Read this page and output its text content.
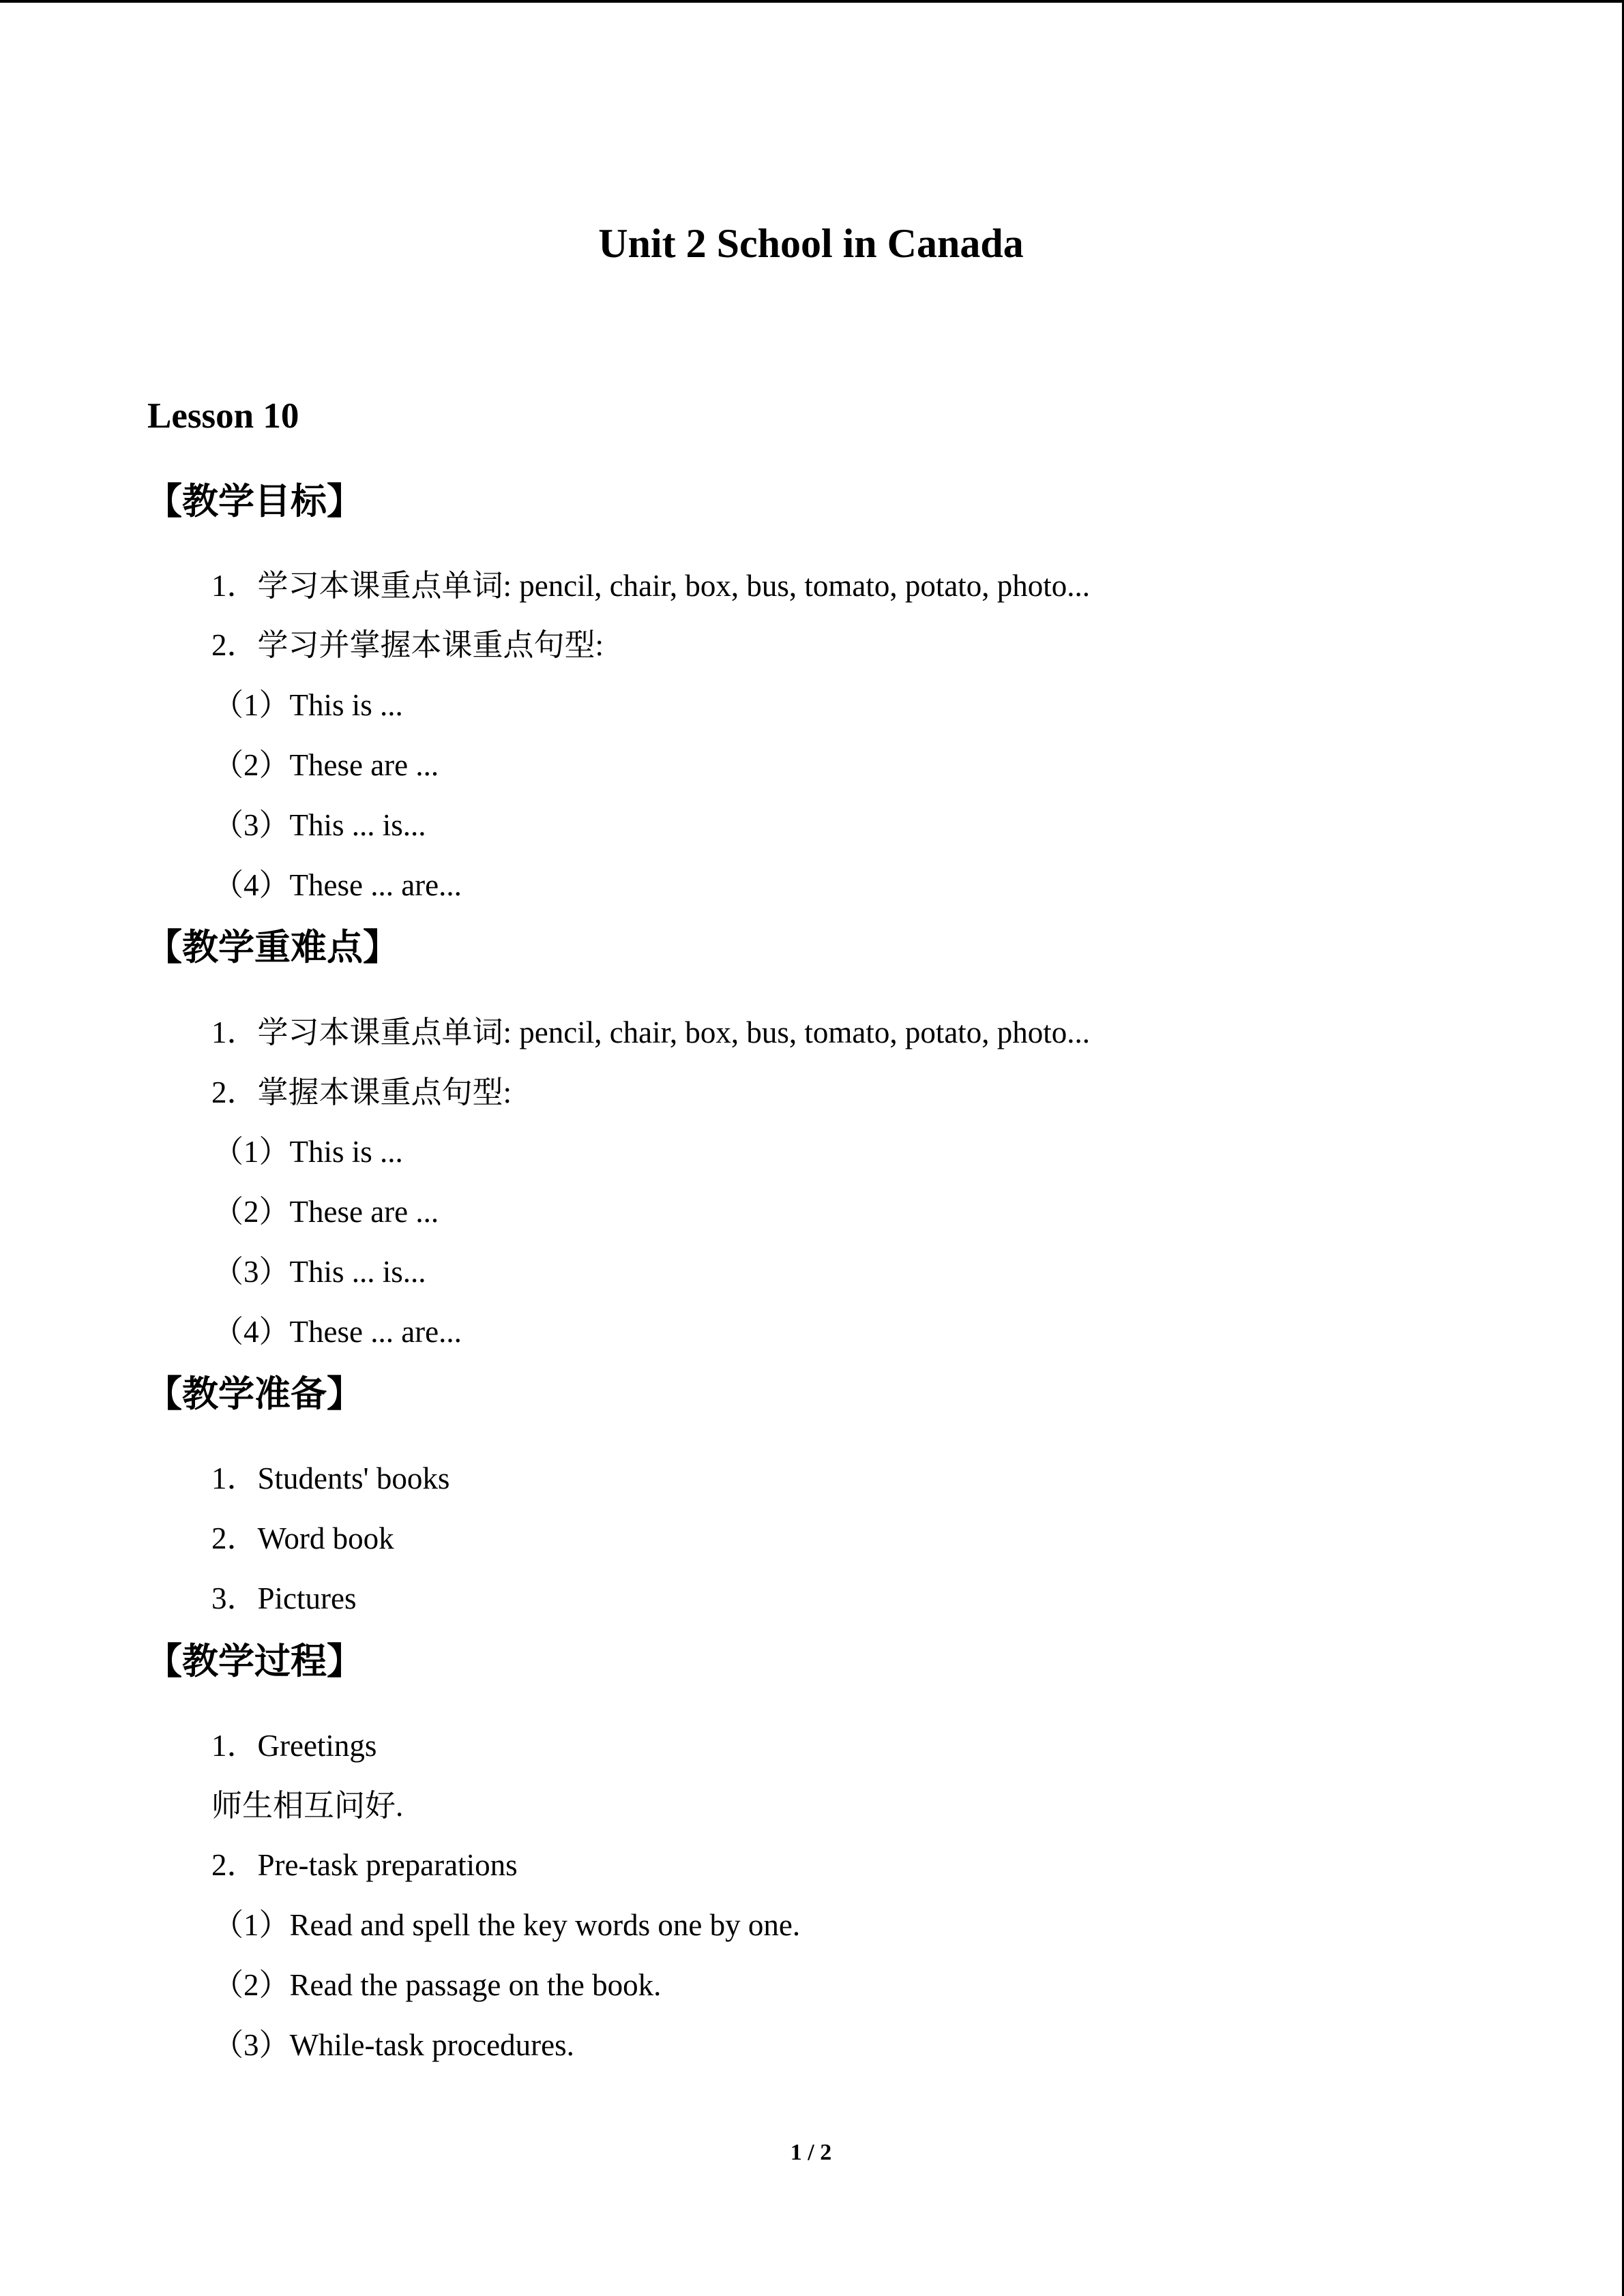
Unit 2 School in Canada
Lesson 10
【教学目标】
1．学习本课重点单词: pencil, chair, box, bus, tomato, potato, photo...
2．学习并掌握本课重点句型:
（1）This is ...
（2）These are ...
（3）This ... is...
（4）These ... are...
【教学重难点】
1．学习本课重点单词: pencil, chair, box, bus, tomato, potato, photo...
2．掌握本课重点句型:
（1）This is ...
（2）These are ...
（3）This ... is...
（4）These ... are...
【教学准备】
1．Students' books
2．Word book
3．Pictures
【教学过程】
1．Greetings
师生相互问好.
2．Pre-task preparations
（1）Read and spell the key words one by one.
（2）Read the passage on the book.
（3）While-task procedures.
1 / 2
